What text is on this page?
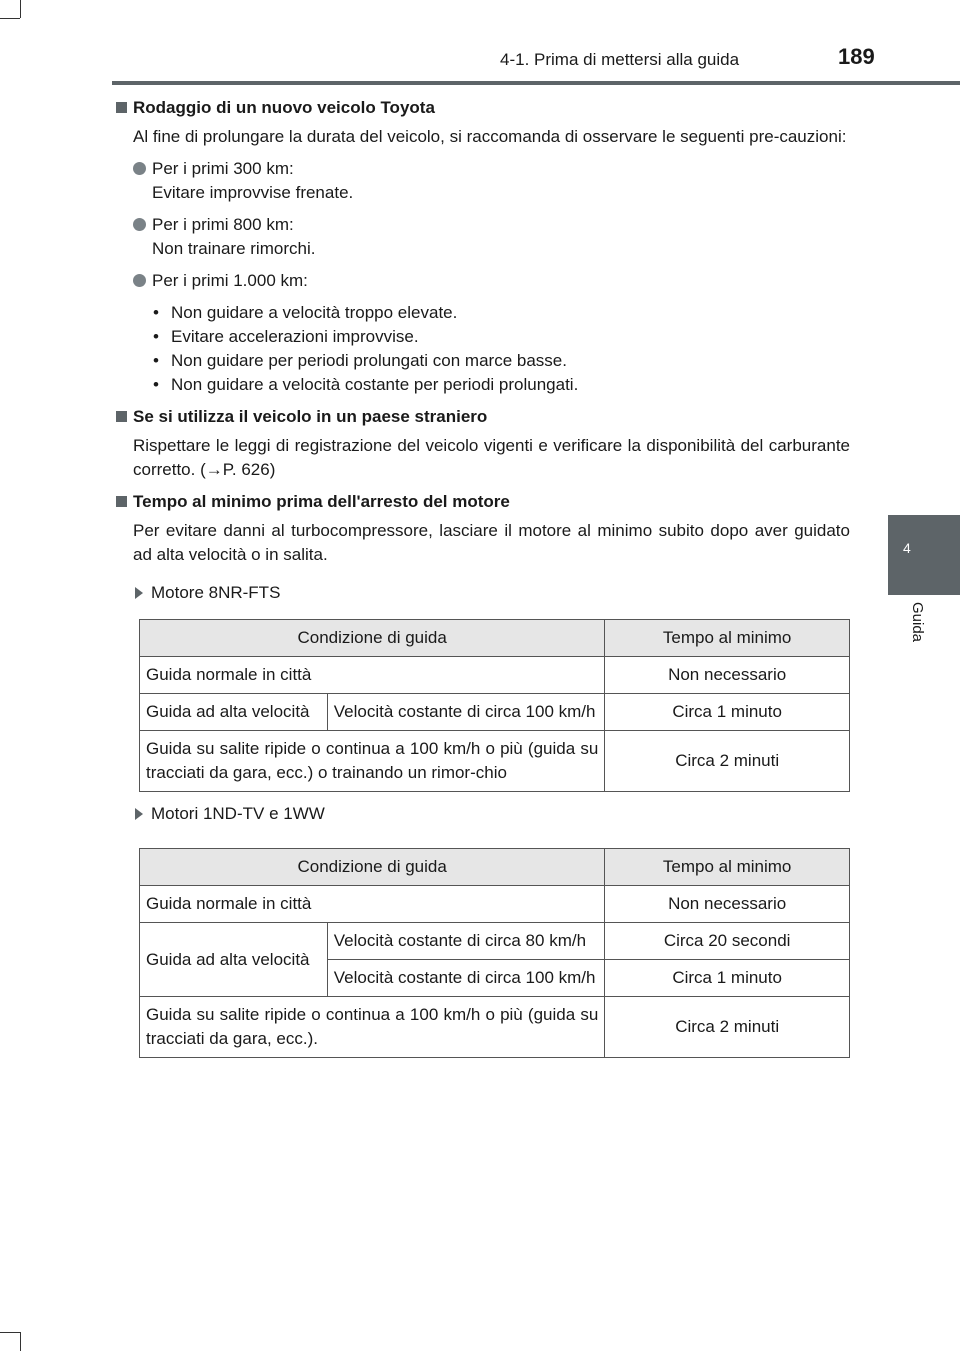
4-1. Prima di mettersi alla guida	189
4
Guida
Rodaggio di un nuovo veicolo Toyota
Al fine di prolungare la durata del veicolo, si raccomanda di osservare le seguenti pre-cauzioni:
Per i primi 300 km:
Evitare improvvise frenate.
Per i primi 800 km:
Non trainare rimorchi.
Per i primi 1.000 km:
• Non guidare a velocità troppo elevate.
• Evitare accelerazioni improvvise.
• Non guidare per periodi prolungati con marce basse.
• Non guidare a velocità costante per periodi prolungati.
Se si utilizza il veicolo in un paese straniero
Rispettare le leggi di registrazione del veicolo vigenti e verificare la disponibilità del carburante corretto. (→P. 626)
Tempo al minimo prima dell'arresto del motore
Per evitare danni al turbocompressore, lasciare il motore al minimo subito dopo aver guidato ad alta velocità o in salita.
Motore 8NR-FTS
Condizione di guida		Tempo al minimo
Guida normale in città		Non necessario
Guida ad alta velocità	Velocità costante di circa 100 km/h	Circa 1 minuto
Guida su salite ripide o continua a 100 km/h o più (guida su tracciati da gara, ecc.) o trainando un rimor-chio		Circa 2 minuti
Motori 1ND-TV e 1WW
Condizione di guida		Tempo al minimo
Guida normale in città		Non necessario
Guida ad alta velocità	Velocità costante di circa 80 km/h	Circa 20 secondi
	Velocità costante di circa 100 km/h	Circa 1 minuto
Guida su salite ripide o continua a 100 km/h o più (guida su tracciati da gara, ecc.).		Circa 2 minuti
